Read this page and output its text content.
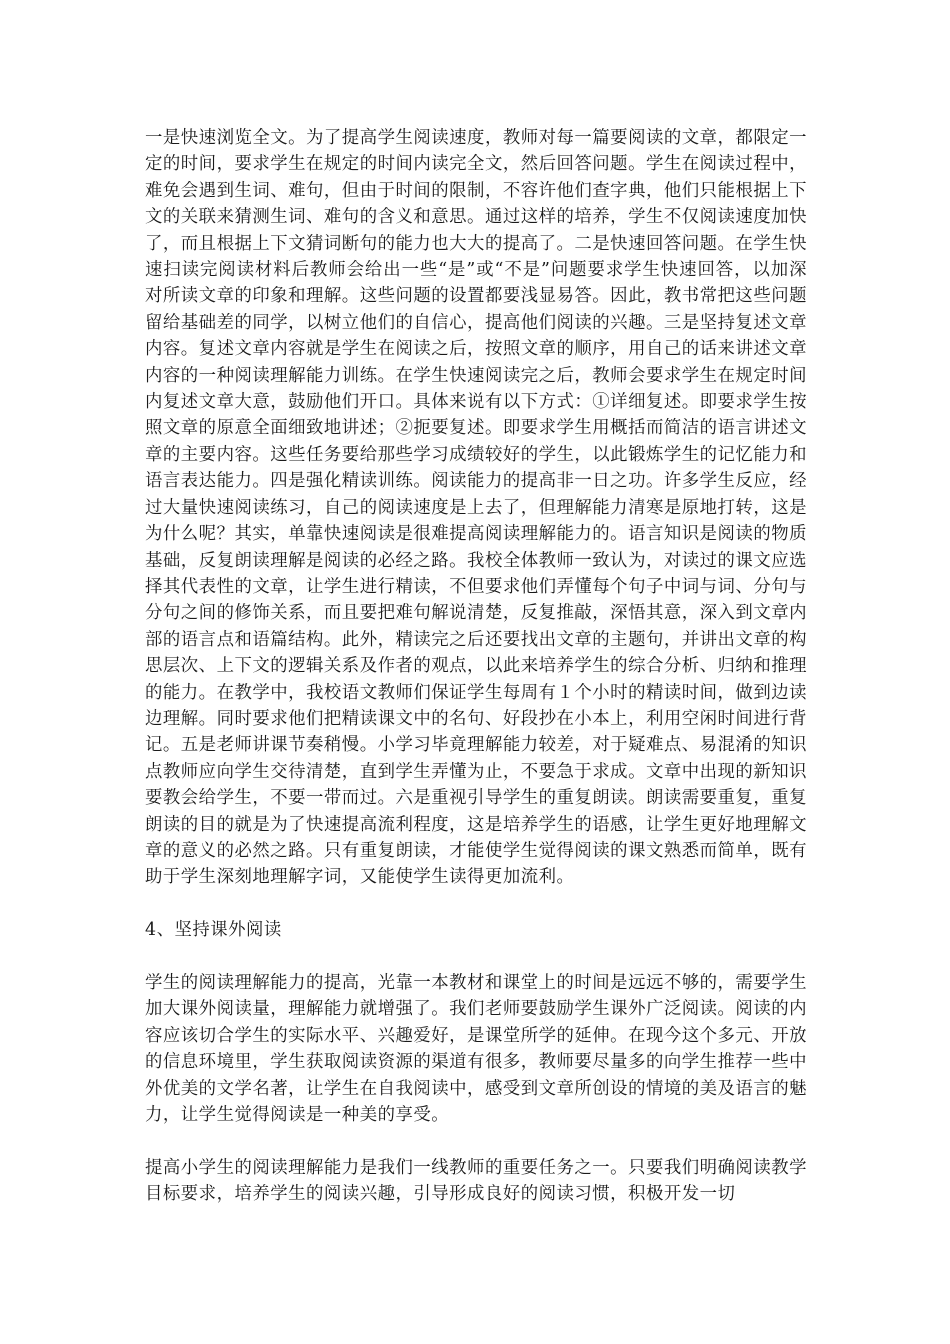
一是快速浏览全文。为了提高学生阅读速度，教师对每一篇要阅读的文章，都限定一定的时间，要求学生在规定的时间内读完全文，然后回答问题。学生在阅读过程中，难免会遇到生词、难句，但由于时间的限制，不容许他们查字典，他们只能根据上下文的关联来猜测生词、难句的含义和意思。通过这样的培养，学生不仅阅读速度加快了，而且根据上下文猜词断句的能力也大大的提高了。二是快速回答问题。在学生快速扫读完阅读材料后教师会给出一些“是”或“不是”问题要求学生快速回答，以加深对所读文章的印象和理解。这些问题的设置都要浅显易答。因此，教书常把这些问题留给基础差的同学，以树立他们的自信心，提高他们阅读的兴趣。三是坚持复述文章内容。复述文章内容就是学生在阅读之后，按照文章的顺序，用自己的话来讲述文章内容的一种阅读理解能力训练。在学生快速阅读完之后，教师会要求学生在规定时间内复述文章大意，鼓励他们开口。具体来说有以下方式：①详细复述。即要求学生按照文章的原意全面细致地讲述；②扼要复述。即要求学生用概括而简洁的语言讲述文章的主要内容。这些任务要给那些学习成绩较好的学生，以此锻炼学生的记忆能力和语言表达能力。四是强化精读训练。阅读能力的提高非一日之功。许多学生反应，经过大量快速阅读练习，自己的阅读速度是上去了，但理解能力清寒是原地打转，这是为什么呢？其实，单靠快速阅读是很难提高阅读理解能力的。语言知识是阅读的物质基础，反复朗读理解是阅读的必经之路。我校全体教师一致认为，对读过的课文应选择其代表性的文章，让学生进行精读，不但要求他们弄懂每个句子中词与词、分句与分句之间的修饰关系，而且要把难句解说清楚，反复推敲，深悟其意，深入到文章内部的语言点和语篇结构。此外，精读完之后还要找出文章的主题句，并讲出文章的构思层次、上下文的逻辑关系及作者的观点，以此来培养学生的综合分析、归纳和推理的能力。在教学中，我校语文教师们保证学生每周有１个小时的精读时间，做到边读边理解。同时要求他们把精读课文中的名句、好段抄在小本上，利用空闲时间进行背记。五是老师讲课节奏稍慢。小学习毕竟理解能力较差，对于疑难点、易混淆的知识点教师应向学生交待清楚，直到学生弄懂为止，不要急于求成。文章中出现的新知识要教会给学生，不要一带而过。六是重视引导学生的重复朗读。朗读需要重复，重复朗读的目的就是为了快速提高流利程度，这是培养学生的语感，让学生更好地理解文章的意义的必然之路。只有重复朗读，才能使学生觉得阅读的课文熟悉而简单，既有助于学生深刻地理解字词，又能使学生读得更加流利。

4、坚持课外阅读

学生的阅读理解能力的提高，光靠一本教材和课堂上的时间是远远不够的，需要学生加大课外阅读量，理解能力就增强了。我们老师要鼓励学生课外广泛阅读。阅读的内容应该切合学生的实际水平、兴趣爱好，是课堂所学的延伸。在现今这个多元、开放的信息环境里，学生获取阅读资源的渠道有很多，教师要尽量多的向学生推荐一些中外优美的文学名著，让学生在自我阅读中，感受到文章所创设的情境的美及语言的魅力，让学生觉得阅读是一种美的享受。

提高小学生的阅读理解能力是我们一线教师的重要任务之一。只要我们明确阅读教学目标要求，培养学生的阅读兴趣，引导形成良好的阅读习惯，积极开发一切
